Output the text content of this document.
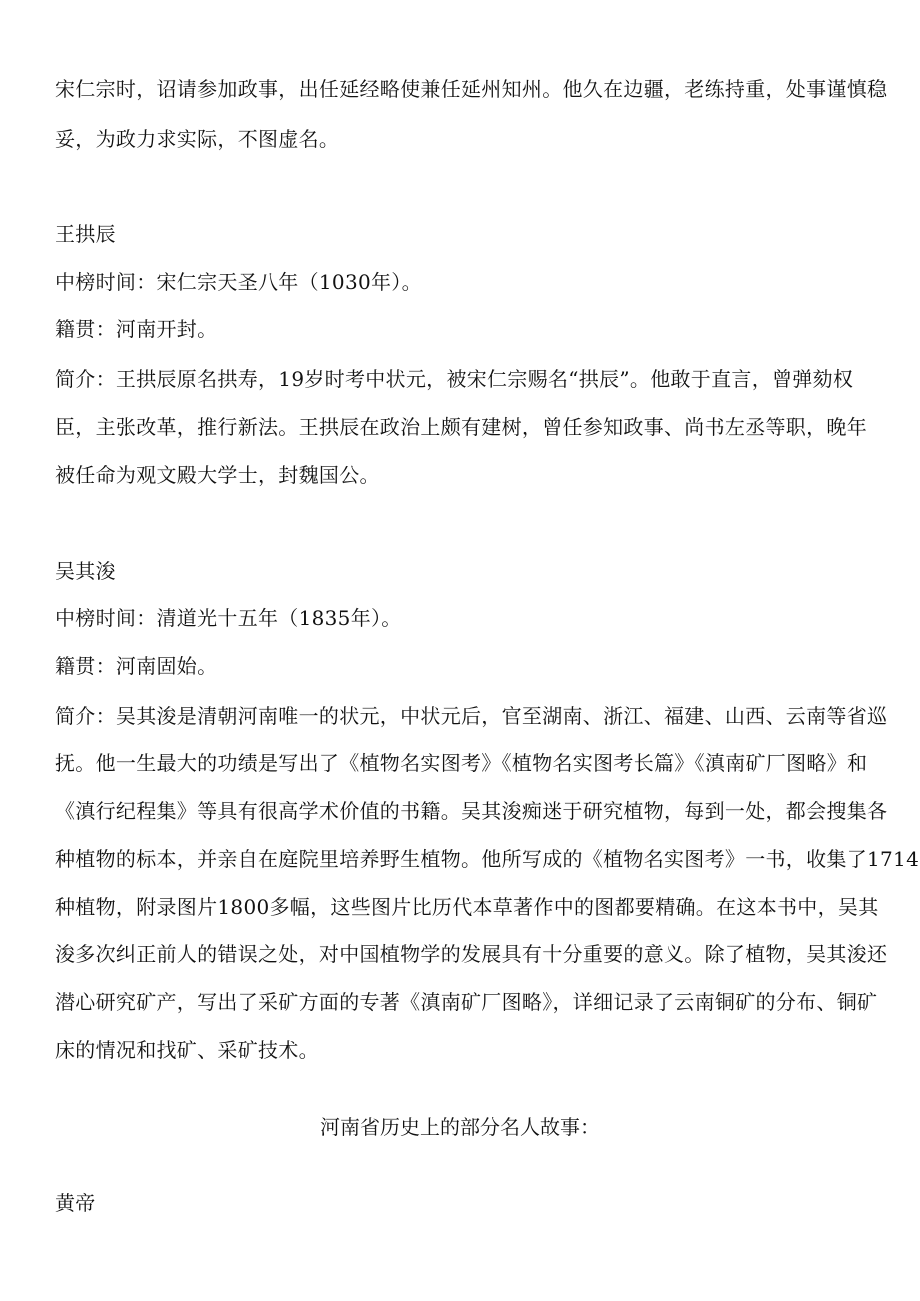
宋仁宗时，诏请参加政事，出任延经略使兼任延州知州。他久在边疆，老练持重，处事谨慎稳
妥，为政力求实际，不图虚名。
王拱辰
中榜时间：宋仁宗天圣八年（1030年）。
籍贯：河南开封。
简介：王拱辰原名拱寿，19岁时考中状元，被宋仁宗赐名“拱辰”。他敢于直言，曾弹劾权
臣，主张改革，推行新法。王拱辰在政治上颇有建树，曾任参知政事、尚书左丞等职，晚年
被任命为观文殿大学士，封魏国公。
吴其浚
中榜时间：清道光十五年（1835年）。
籍贯：河南固始。
简介：吴其浚是清朝河南唯一的状元，中状元后，官至湖南、浙江、福建、山西、云南等省巡
抚。他一生最大的功绩是写出了《植物名实图考》《植物名实图考长篇》《滇南矿厂图略》和
《滇行纪程集》等具有很高学术价值的书籍。吴其浚痴迷于研究植物，每到一处，都会搜集各
种植物的标本，并亲自在庭院里培养野生植物。他所写成的《植物名实图考》一书，收集了1714
种植物，附录图片1800多幅，这些图片比历代本草著作中的图都要精确。在这本书中，吴其
浚多次纠正前人的错误之处，对中国植物学的发展具有十分重要的意义。除了植物，吴其浚还
潜心研究矿产，写出了采矿方面的专著《滇南矿厂图略》，详细记录了云南铜矿的分布、铜矿
床的情况和找矿、采矿技术。
河南省历史上的部分名人故事：
黄帝
